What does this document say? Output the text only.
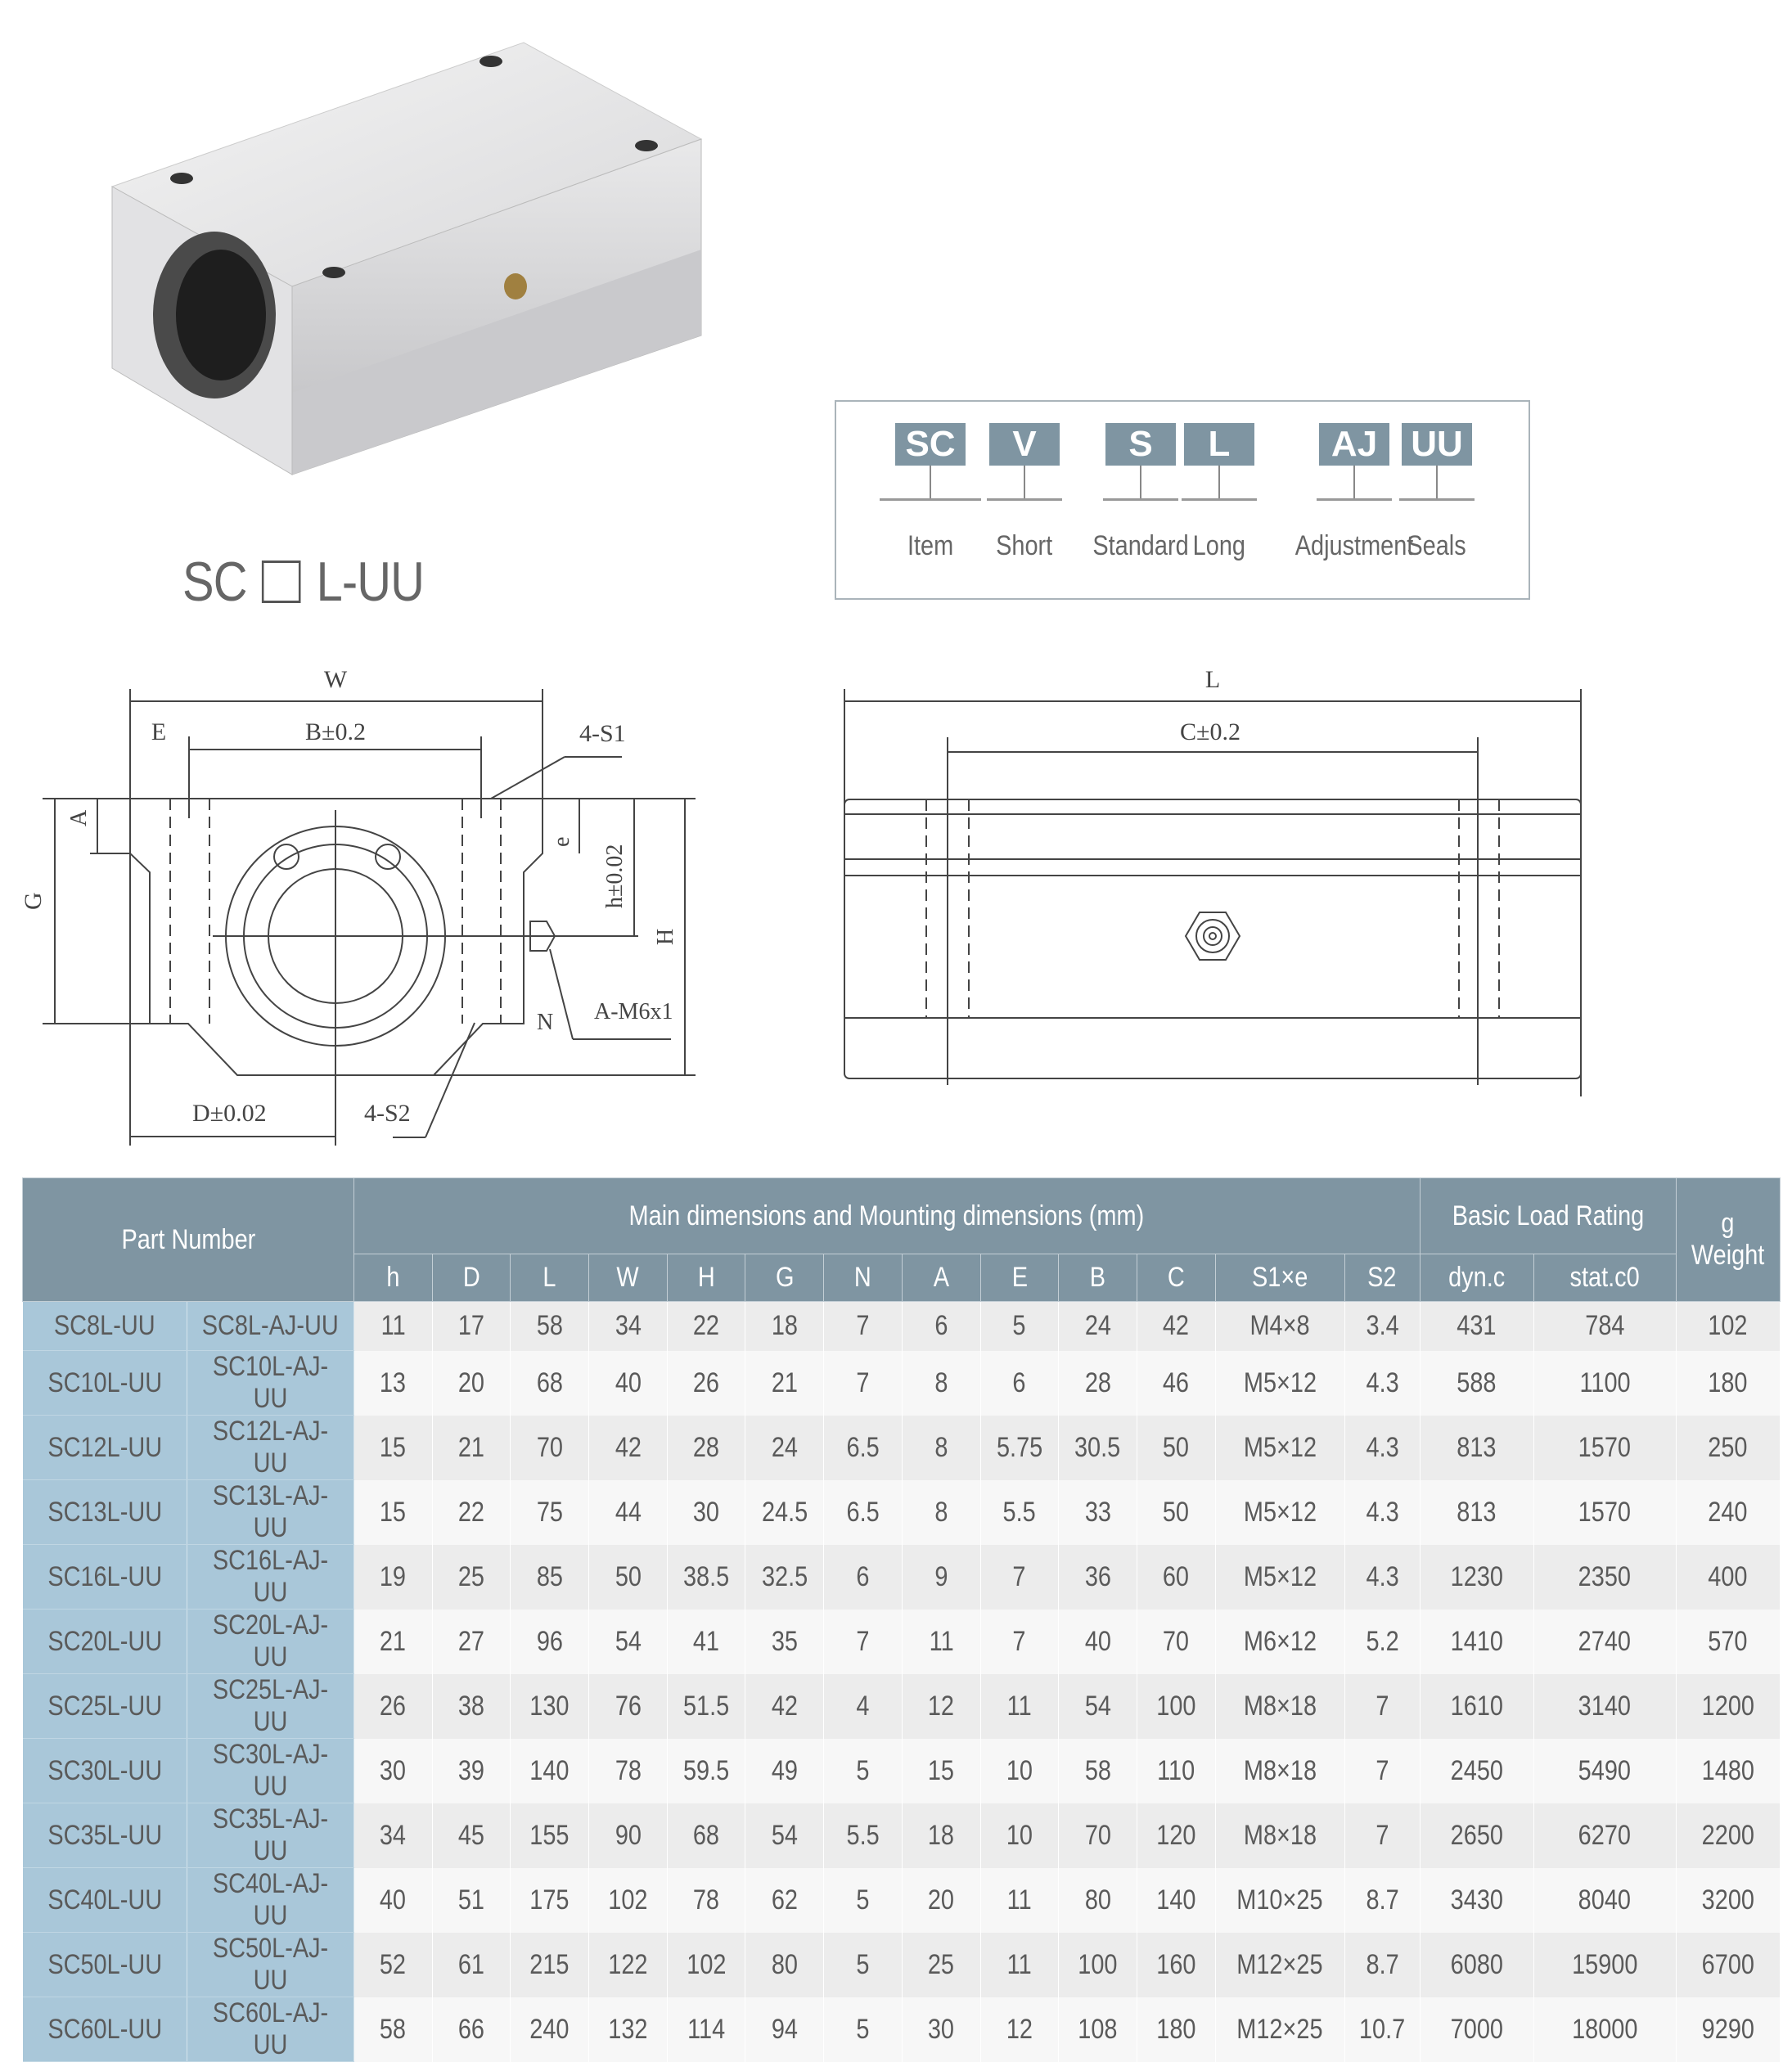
SC L-UU
SC
Item
V
Short
S
Standard
L
Long
AJ
Adjustment
UU
Seals
W
E	B±0.2	4-S1
A
G
e
h±0.02
H
A-M6x1
N
D±0.02	4-S2
L
C±0.2
Part Number		Main dimensions and Mounting dimensions (mm)													Basic Load Rating		g
Weight
		h	D	L	W	H	G	N	A	E	B	C	S1×e	S2	dyn.c	stat.c0	
SC8L-UU	SC8L-AJ-UU	11	17	58	34	22	18	7	6	5	24	42	M4×8	3.4	431	784	102
SC10L-UU	SC10L-AJ-UU	13	20	68	40	26	21	7	8	6	28	46	M5×12	4.3	588	1100	180
SC12L-UU	SC12L-AJ-UU	15	21	70	42	28	24	6.5	8	5.75	30.5	50	M5×12	4.3	813	1570	250
SC13L-UU	SC13L-AJ-UU	15	22	75	44	30	24.5	6.5	8	5.5	33	50	M5×12	4.3	813	1570	240
SC16L-UU	SC16L-AJ-UU	19	25	85	50	38.5	32.5	6	9	7	36	60	M5×12	4.3	1230	2350	400
SC20L-UU	SC20L-AJ-UU	21	27	96	54	41	35	7	11	7	40	70	M6×12	5.2	1410	2740	570
SC25L-UU	SC25L-AJ-UU	26	38	130	76	51.5	42	4	12	11	54	100	M8×18	7	1610	3140	1200
SC30L-UU	SC30L-AJ-UU	30	39	140	78	59.5	49	5	15	10	58	110	M8×18	7	2450	5490	1480
SC35L-UU	SC35L-AJ-UU	34	45	155	90	68	54	5.5	18	10	70	120	M8×18	7	2650	6270	2200
SC40L-UU	SC40L-AJ-UU	40	51	175	102	78	62	5	20	11	80	140	M10×25	8.7	3430	8040	3200
SC50L-UU	SC50L-AJ-UU	52	61	215	122	102	80	5	25	11	100	160	M12×25	8.7	6080	15900	6700
SC60L-UU	SC60L-AJ-UU	58	66	240	132	114	94	5	30	12	108	180	M12×25	10.7	7000	18000	9290
